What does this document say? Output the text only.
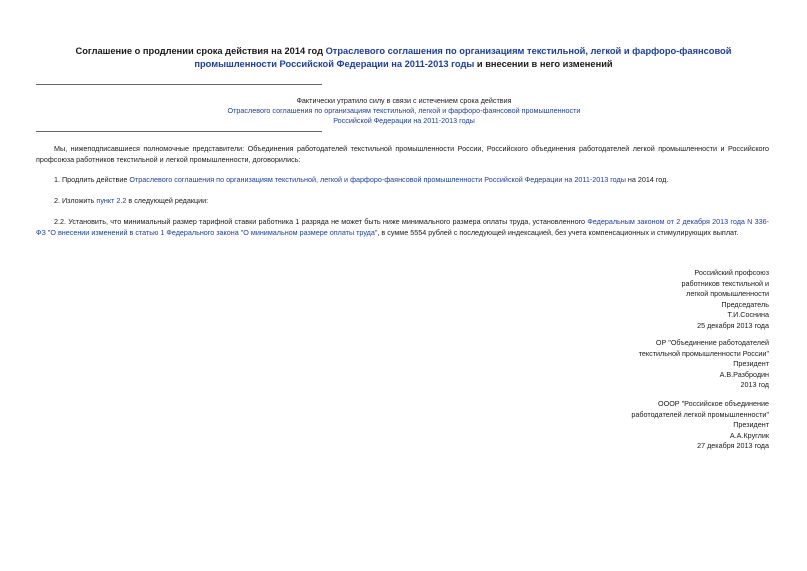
Соглашение о продлении срока действия на 2014 год Отраслевого соглашения по организациям текстильной, легкой и фарфоро-фаянсовой промышленности Российской Федерации на 2011-2013 годы и внесении в него изменений
Фактически утратило силу в связи с истечением срока действия
Отраслевого соглашения по организациям текстильной, легкой и фарфоро-фаянсовой промышленности
Российской Федерации на 2011-2013 годы
Мы, нижеподписавшиеся полномочные представители: Объединения работодателей текстильной промышленности России, Российского объединения работодателей легкой промышленности и Российского профсоюза работников текстильной и легкой промышленности, договорились:
1. Продлить действие Отраслевого соглашения по организациям текстильной, легкой и фарфоро-фаянсовой промышленности Российской Федерации на 2011-2013 годы на 2014 год.
2. Изложить пункт 2.2 в следующей редакции:
2.2. Установить, что минимальный размер тарифной ставки работника 1 разряда не может быть ниже минимального размера оплаты труда, установленного Федеральным законом от 2 декабря 2013 года N 336-ФЗ "О внесении изменений в статью 1 Федерального закона "О минимальном размере оплаты труда", в сумме 5554 рублей с последующей индексацией, без учета компенсационных и стимулирующих выплат.
Российский профсоюз
работников текстильной и
легкой промышленности
Председатель
Т.И.Соснина
25 декабря 2013 года
ОР "Объединение работодателей
текстильной промышленности России"
Президент
А.В.Разбродин
2013 год
ОООР "Российское объединение
работодателей легкой промышленности"
Президент
А.А.Круглик
27 декабря 2013 года
